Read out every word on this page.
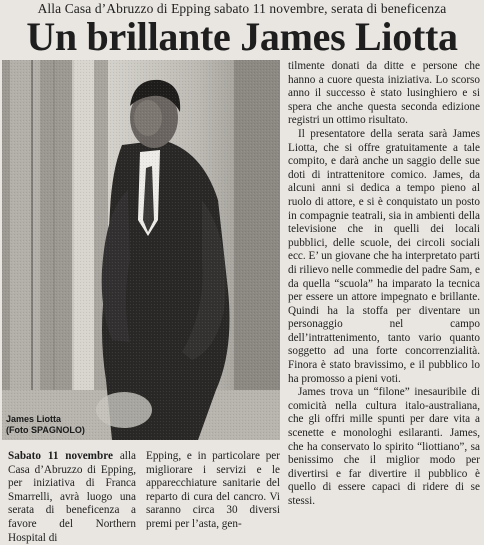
Alla Casa d’Abruzzo di Epping sabato 11 novembre, serata di beneficenza
Un brillante James Liotta
James Liotta
(Foto SPAGNOLO)

Sabato 11 novembre alla Casa d’Abruzzo di Epping, per iniziativa di Franca Smarrelli, avrà luogo una serata di beneficenza a favore del Northern Hospital di

Epping, e in particolare per migliorare i servizi e le apparecchiature sanitarie del reparto di cura del cancro. Vi saranno circa 30 diversi premi per l’asta, gen-

tilmente donati da ditte e persone che hanno a cuore questa iniziativa. Lo scorso anno il successo è stato lusinghiero e si spera che anche questa seconda edizione registri un ottimo risultato.

Il presentatore della serata sarà James Liotta, che si offre gratuitamente a tale compito, e darà anche un saggio delle sue doti di intrattenitore comico. James, da alcuni anni si dedica a tempo pieno al ruolo di attore, e si è conquistato un posto in compagnie teatrali, sia in ambienti della televisione che in quelli dei locali pubblici, delle scuole, dei circoli sociali ecc. E’ un giovane che ha interpretato parti di rilievo nelle commedie del padre Sam, e da quella “scuola” ha imparato la tecnica per essere un attore impegnato e brillante. Quindi ha la stoffa per diventare un personaggio nel campo dell’intrattenimento, tanto vario quanto soggetto ad una forte concorrenzialità. Finora è stato bravissimo, e il pubblico lo ha promosso a pieni voti.

James trova un “filone” inesauribile di comicità nella cultura italo-australiana, che gli offri mille spunti per dare vita a scenette e monologhi esilaranti. James, che ha conservato lo spirito “liottiano”, sa benissimo che il miglior modo per divertirsi e far divertire il pubblico è quello di essere capaci di ridere di se stessi.
